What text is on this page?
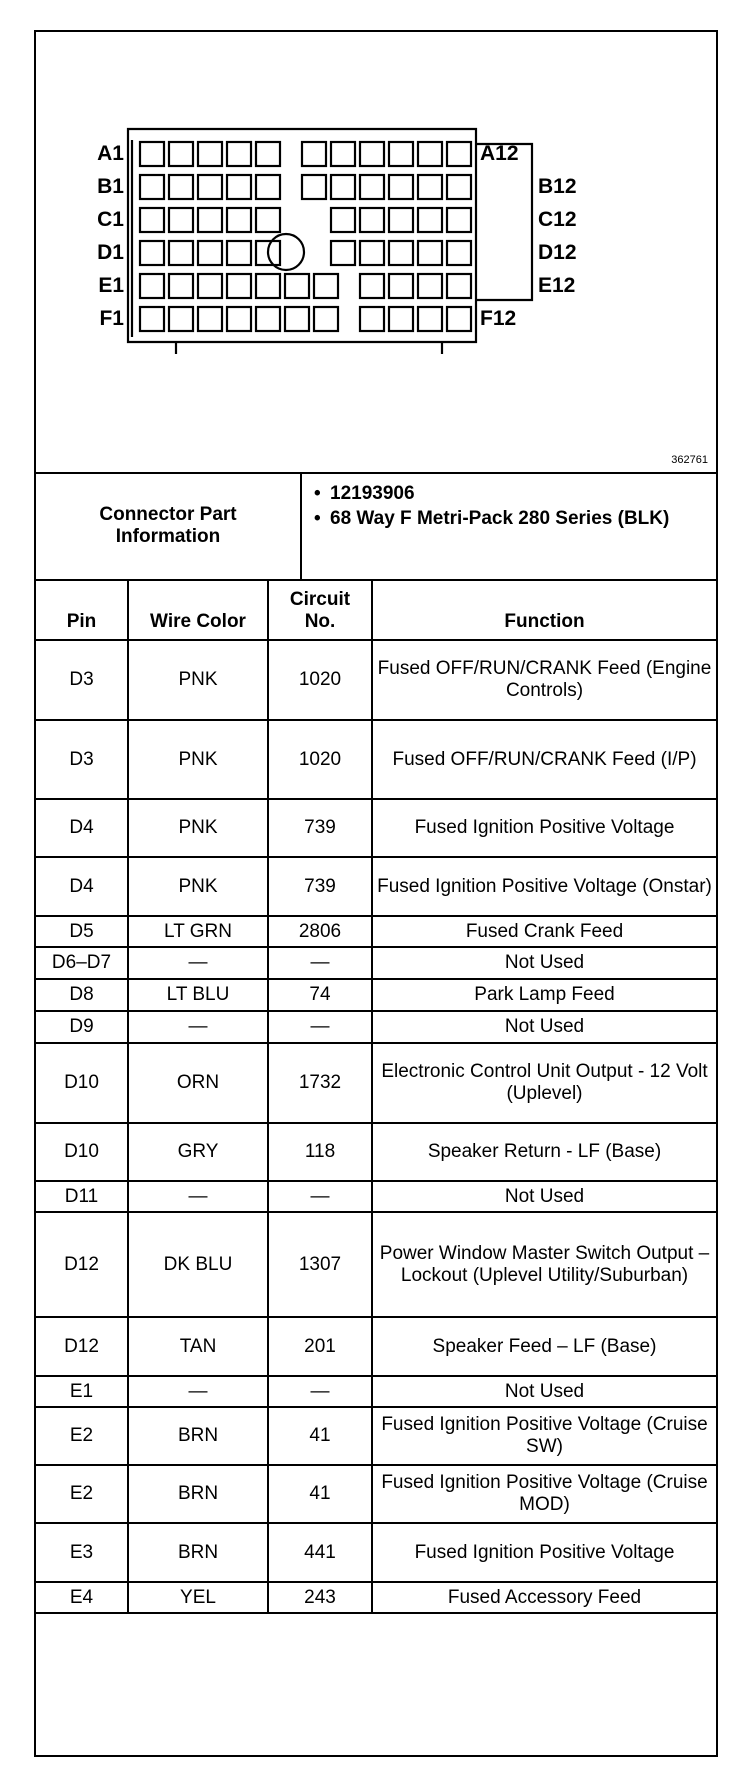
A1
B1
C1
D1
E1
F1
A12
B12
C12
D12
E12
F12
362761
Connector Part Information
• 12193906
• 68 Way F Metri-Pack 280 Series (BLK)
Pin	Wire Color	Circuit No.	Function
D3	PNK	1020	Fused OFF/RUN/CRANK Feed (Engine Controls)
D3	PNK	1020	Fused OFF/RUN/CRANK Feed (I/P)
D4	PNK	739	Fused Ignition Positive Voltage
D4	PNK	739	Fused Ignition Positive Voltage (Onstar)
D5	LT GRN	2806	Fused Crank Feed
D6–D7	—	—	Not Used
D8	LT BLU	74	Park Lamp Feed
D9	—	—	Not Used
D10	ORN	1732	Electronic Control Unit Output - 12 Volt (Uplevel)
D10	GRY	118	Speaker Return - LF (Base)
D11	—	—	Not Used
D12	DK BLU	1307	Power Window Master Switch Output –Lockout (Uplevel Utility/Suburban)
D12	TAN	201	Speaker Feed – LF (Base)
E1	—	—	Not Used
E2	BRN	41	Fused Ignition Positive Voltage (Cruise SW)
E2	BRN	41	Fused Ignition Positive Voltage (Cruise MOD)
E3	BRN	441	Fused Ignition Positive Voltage
E4	YEL	243	Fused Accessory Feed
